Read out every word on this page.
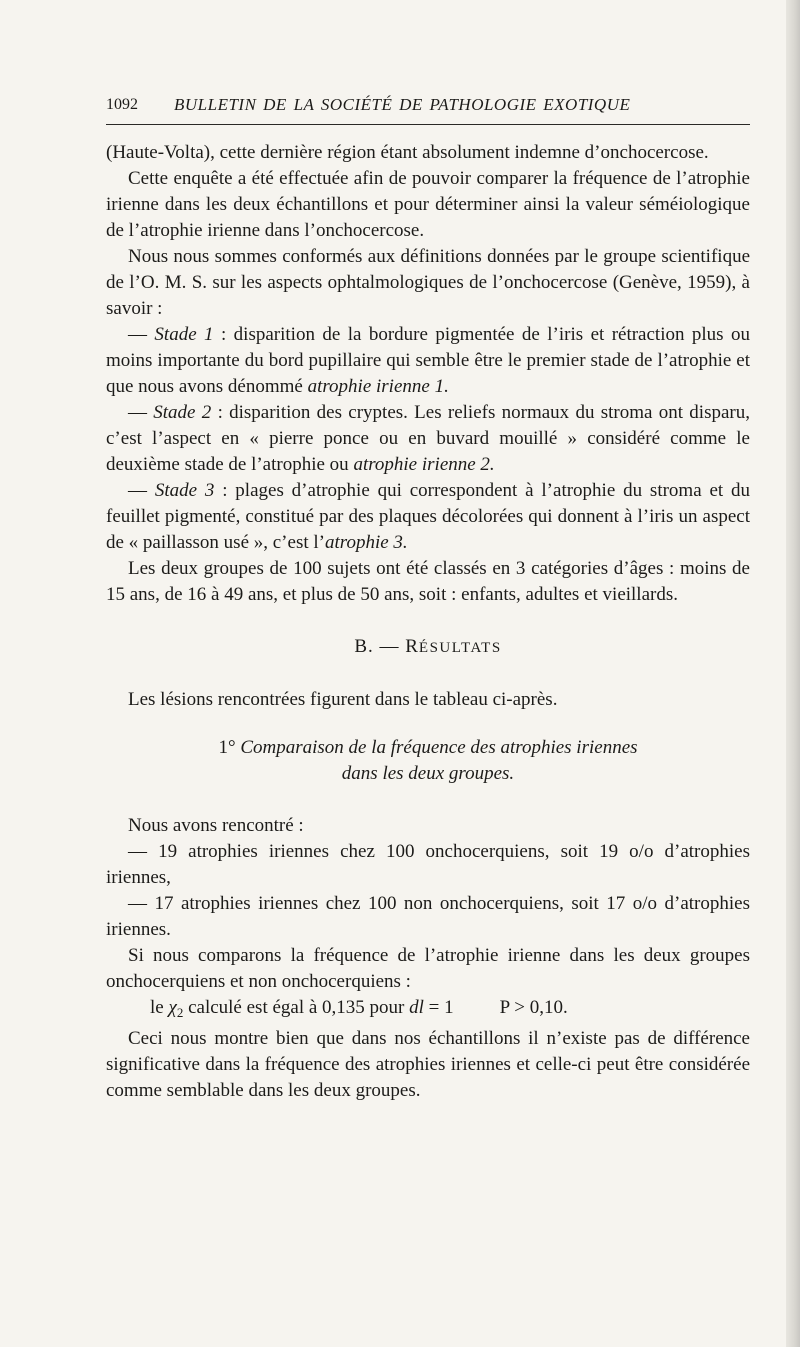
1092 BULLETIN DE LA SOCIÉTÉ DE PATHOLOGIE EXOTIQUE

(Haute-Volta), cette dernière région étant absolument indemne d’onchocercose.

Cette enquête a été effectuée afin de pouvoir comparer la fréquence de l’atrophie irienne dans les deux échantillons et pour déterminer ainsi la valeur séméiologique de l’atrophie irienne dans l’onchocercose.

Nous nous sommes conformés aux définitions données par le groupe scientifique de l’O. M. S. sur les aspects ophtalmologiques de l’onchocercose (Genève, 1959), à savoir :

— Stade 1 : disparition de la bordure pigmentée de l’iris et rétraction plus ou moins importante du bord pupillaire qui semble être le premier stade de l’atrophie et que nous avons dénommé atrophie irienne 1.

— Stade 2 : disparition des cryptes. Les reliefs normaux du stroma ont disparu, c’est l’aspect en « pierre ponce ou en buvard mouillé » considéré comme le deuxième stade de l’atrophie ou atrophie irienne 2.

— Stade 3 : plages d’atrophie qui correspondent à l’atrophie du stroma et du feuillet pigmenté, constitué par des plaques décolorées qui donnent à l’iris un aspect de « paillasson usé », c’est l’atrophie 3.

Les deux groupes de 100 sujets ont été classés en 3 catégories d’âges : moins de 15 ans, de 16 à 49 ans, et plus de 50 ans, soit : enfants, adultes et vieillards.

B. — RÉSULTATS

Les lésions rencontrées figurent dans le tableau ci-après.

1° Comparaison de la fréquence des atrophies iriennes
dans les deux groupes.

Nous avons rencontré :

— 19 atrophies iriennes chez 100 onchocerquiens, soit 19 o/o d’atrophies iriennes,

— 17 atrophies iriennes chez 100 non onchocerquiens, soit 17 o/o d’atrophies iriennes.

Si nous comparons la fréquence de l’atrophie irienne dans les deux groupes onchocerquiens et non onchocerquiens :

le $\chi_2$ calculé est égal à 0,135 pour dl = 1 P > 0,10.

Ceci nous montre bien que dans nos échantillons il n’existe pas de différence significative dans la fréquence des atrophies iriennes et celle-ci peut être considérée comme semblable dans les deux groupes.
